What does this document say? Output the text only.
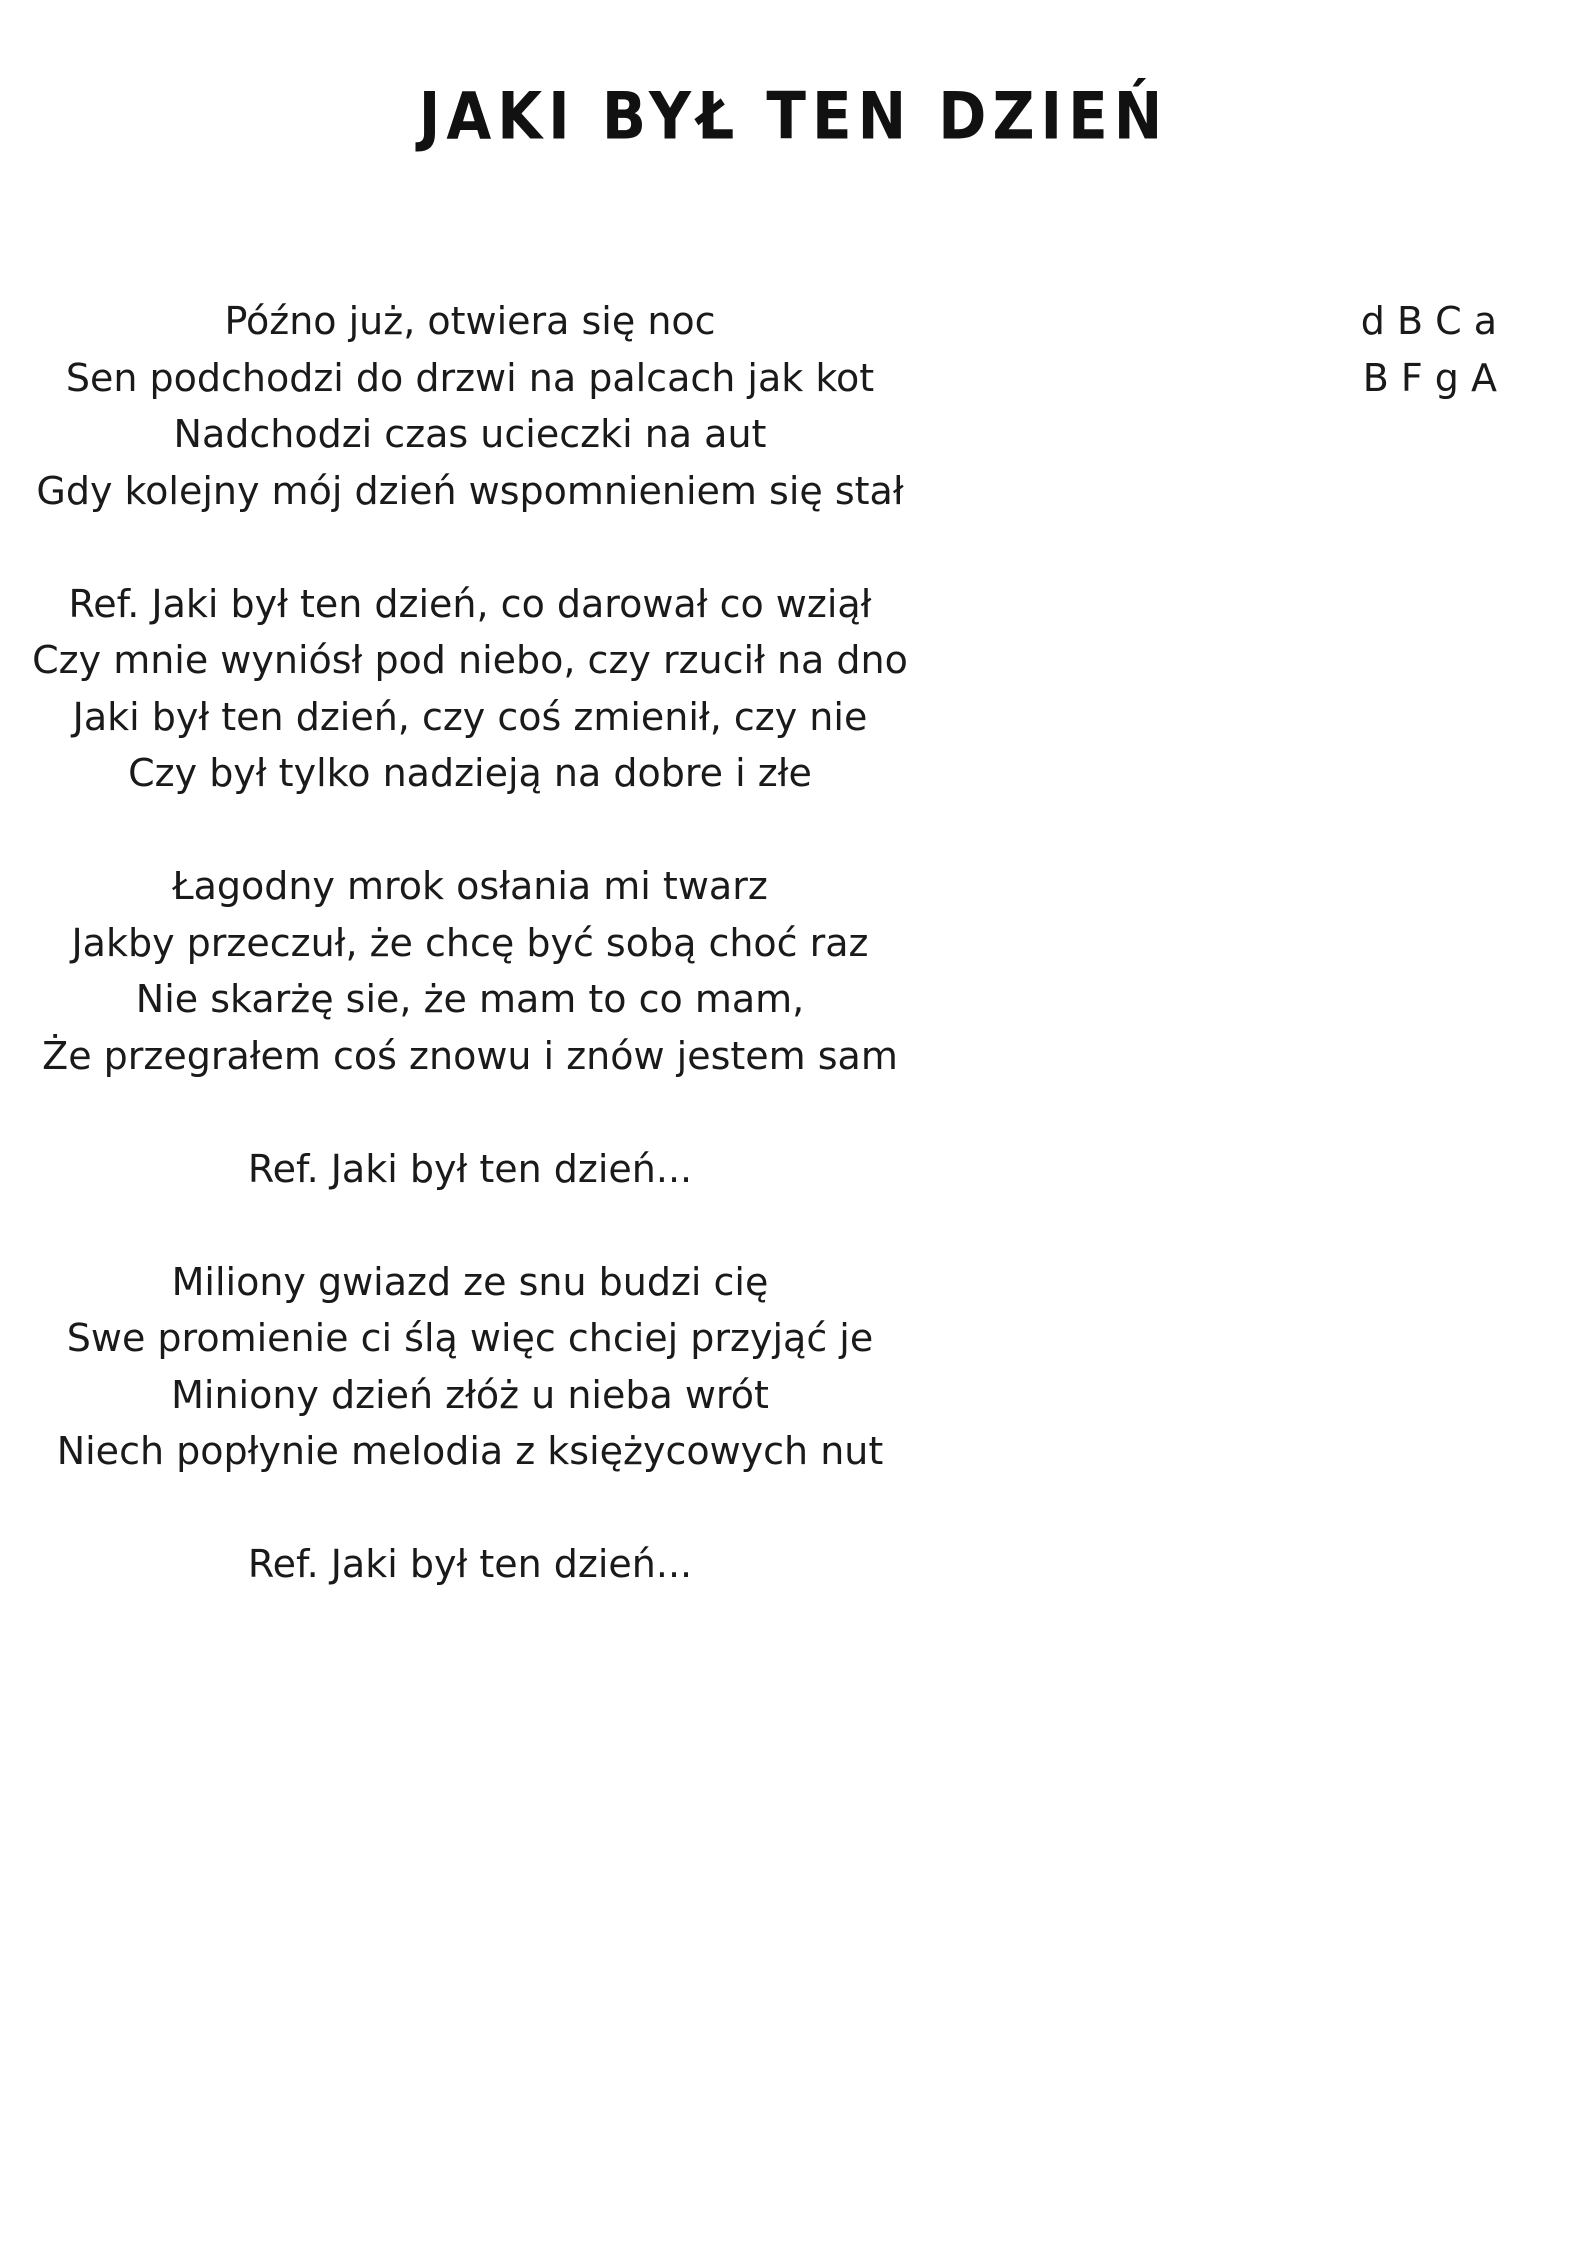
JAKI BYŁ TEN DZIEŃ
Późno już, otwiera się noc
Sen podchodzi do drzwi na palcach jak kot
Nadchodzi czas ucieczki na aut
Gdy kolejny mój dzień wspomnieniem się stał
Ref. Jaki był ten dzień, co darował co wziął
Czy mnie wyniósł pod niebo, czy rzucił na dno
Jaki był ten dzień, czy coś zmienił, czy nie
Czy był tylko nadzieją na dobre i złe
Łagodny mrok osłania mi twarz
Jakby przeczuł, że chcę być sobą choć raz
Nie skarżę sie, że mam to co mam,
Że przegrałem coś znowu i znów jestem sam
Ref. Jaki był ten dzień...
Miliony gwiazd ze snu budzi cię
Swe promienie ci ślą więc chciej przyjąć je
Miniony dzień złóż u nieba wrót
Niech popłynie melodia z księżycowych nut
Ref. Jaki był ten dzień...
d B C a
B F g A
